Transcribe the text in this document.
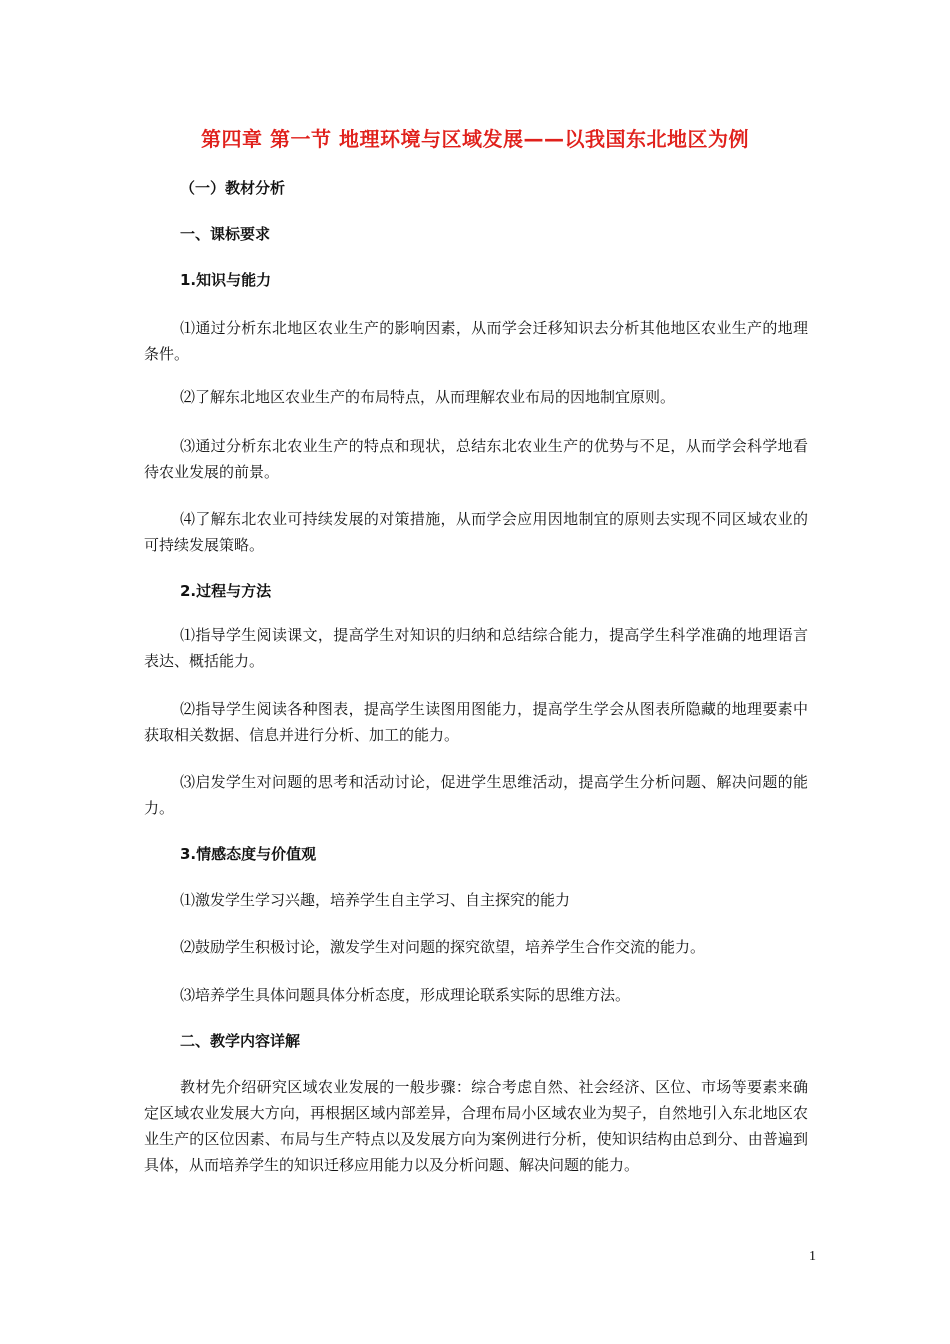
第四章 第一节 地理环境与区域发展——以我国东北地区为例
（一）教材分析
一、课标要求
1.知识与能力
⑴通过分析东北地区农业生产的影响因素，从而学会迁移知识去分析其他地区农业生产的地理条件。
⑵了解东北地区农业生产的布局特点，从而理解农业布局的因地制宜原则。
⑶通过分析东北农业生产的特点和现状，总结东北农业生产的优势与不足，从而学会科学地看待农业发展的前景。
⑷了解东北农业可持续发展的对策措施，从而学会应用因地制宜的原则去实现不同区域农业的可持续发展策略。
2.过程与方法
⑴指导学生阅读课文，提高学生对知识的归纳和总结综合能力，提高学生科学准确的地理语言表达、概括能力。
⑵指导学生阅读各种图表，提高学生读图用图能力，提高学生学会从图表所隐藏的地理要素中获取相关数据、信息并进行分析、加工的能力。
⑶启发学生对问题的思考和活动讨论，促进学生思维活动，提高学生分析问题、解决问题的能力。
3.情感态度与价值观
⑴激发学生学习兴趣，培养学生自主学习、自主探究的能力
⑵鼓励学生积极讨论，激发学生对问题的探究欲望，培养学生合作交流的能力。
⑶培养学生具体问题具体分析态度，形成理论联系实际的思维方法。
二、教学内容详解
教材先介绍研究区域农业发展的一般步骤：综合考虑自然、社会经济、区位、市场等要素来确定区域农业发展大方向，再根据区域内部差异，合理布局小区域农业为契子，自然地引入东北地区农业生产的区位因素、布局与生产特点以及发展方向为案例进行分析，使知识结构由总到分、由普遍到具体，从而培养学生的知识迁移应用能力以及分析问题、解决问题的能力。
1
